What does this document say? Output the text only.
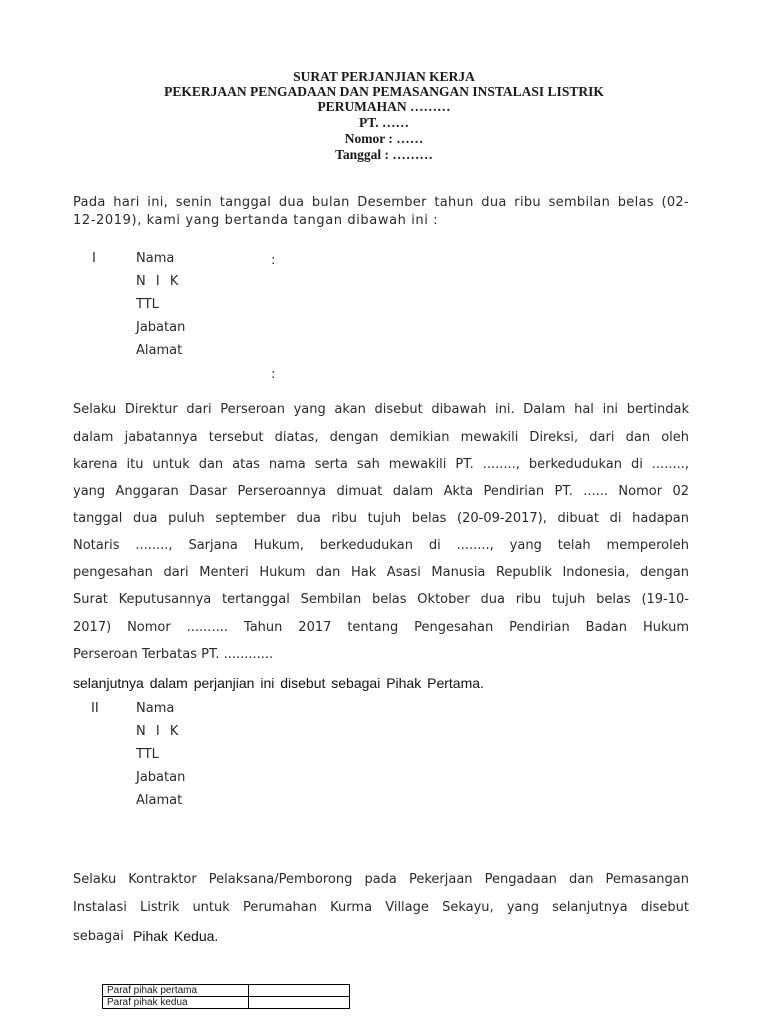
SURAT PERJANJIAN KERJA
PEKERJAAN PENGADAAN DAN PEMASANGAN INSTALASI LISTRIK
PERUMAHAN ………
PT. ……
Nomor : ……
Tanggal : ………
Pada hari ini, senin tanggal dua bulan Desember tahun dua ribu sembilan belas (02-
12-2019), kami yang bertanda tangan dibawah ini :
I	Nama	:
N I K
TTL
Jabatan
Alamat
:
Selaku Direktur dari Perseroan yang akan disebut dibawah ini. Dalam hal ini bertindak
dalam jabatannya tersebut diatas, dengan demikian mewakili Direksi, dari dan oleh
karena itu untuk dan atas nama serta sah mewakili PT. ........, berkedudukan di ........,
yang Anggaran Dasar Perseroannya dimuat dalam Akta Pendirian PT. ...... Nomor 02
tanggal dua puluh september dua ribu tujuh belas (20-09-2017), dibuat di hadapan
Notaris ........, Sarjana Hukum, berkedudukan di ........, yang telah memperoleh
pengesahan dari Menteri Hukum dan Hak Asasi Manusia Republik Indonesia, dengan
Surat Keputusannya tertanggal Sembilan belas Oktober dua ribu tujuh belas (19-10-
2017) Nomor .......... Tahun 2017 tentang Pengesahan Pendirian Badan Hukum
Perseroan Terbatas PT. ............
selanjutnya dalam perjanjian ini disebut sebagai Pihak Pertama.
II	Nama
N I K
TTL
Jabatan
Alamat
Selaku Kontraktor Pelaksana/Pemborong pada Pekerjaan Pengadaan dan Pemasangan
Instalasi Listrik untuk Perumahan Kurma Village Sekayu, yang selanjutnya disebut
sebagai Pihak Kedua.
Paraf pihak pertama	
Paraf pihak kedua	
